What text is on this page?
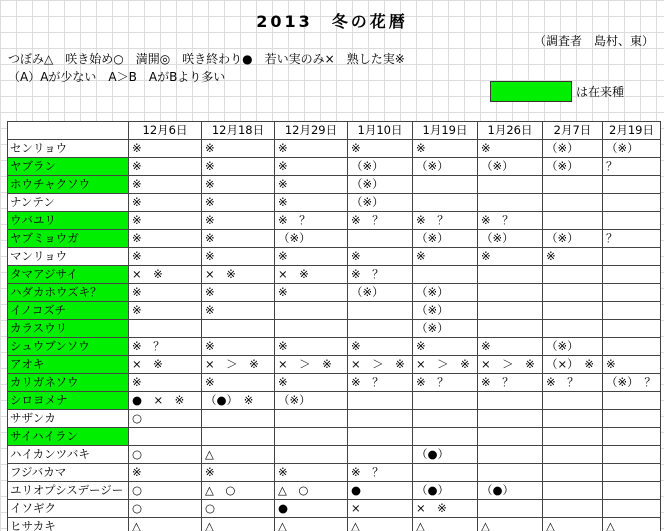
2013　冬の花暦
（調査者　島村、東）
つぼみ△　咲き始め○　満開◎　咲き終わり●　若い実のみ×　熟した実※
（A）Aが少ない　A＞B　AがBより多い
は在来種
	12月6日	12月18日	12月29日	1月10日	1月19日	1月26日	2月7日	2月19日
センリョウ	※	※	※	※	※	※	（※）	（※）
ヤブラン	※	※	※	（※）	（※）	（※）	（※）	？
ホウチャクソウ	※	※	※	（※）				
ナンテン	※	※	※	（※）				
ウバユリ	※	※	※　？	※　？	※　？	※　？		
ヤブミョウガ	※	※	（※）		（※）	（※）	（※）	？
マンリョウ	※	※	※	※	※	※	※	
タマアジサイ	×　※	×　※	×　※	※　？				
ハダカホウズキ？	※	※	※	（※）	（※）			
イノコズチ	※	※			（※）			
カラスウリ					（※）			
シュウブンソウ	※　？	※	※	※	※	※	（※）	
アオキ	×　※	×　＞　※	×　＞　※	×　＞　※	×　＞　※	×　＞　※	（×）　※	※
カリガネソウ	※	※	※	※　？	※　？	※　？	※　？	（※）　？
シロヨメナ	●　×　※	（●）　※	（※）					
サザンカ	○							
サイハイラン								
ハイカンツバキ	○	△			（●）			
フジバカマ	※	※	※	※　？				
ユリオプシスデージー	○	△　○	△　○	●	（●）	（●）		
イソギク	○	○	●	×	×　※			
ヒサカキ	△	△	△	△	△	△	△	△
